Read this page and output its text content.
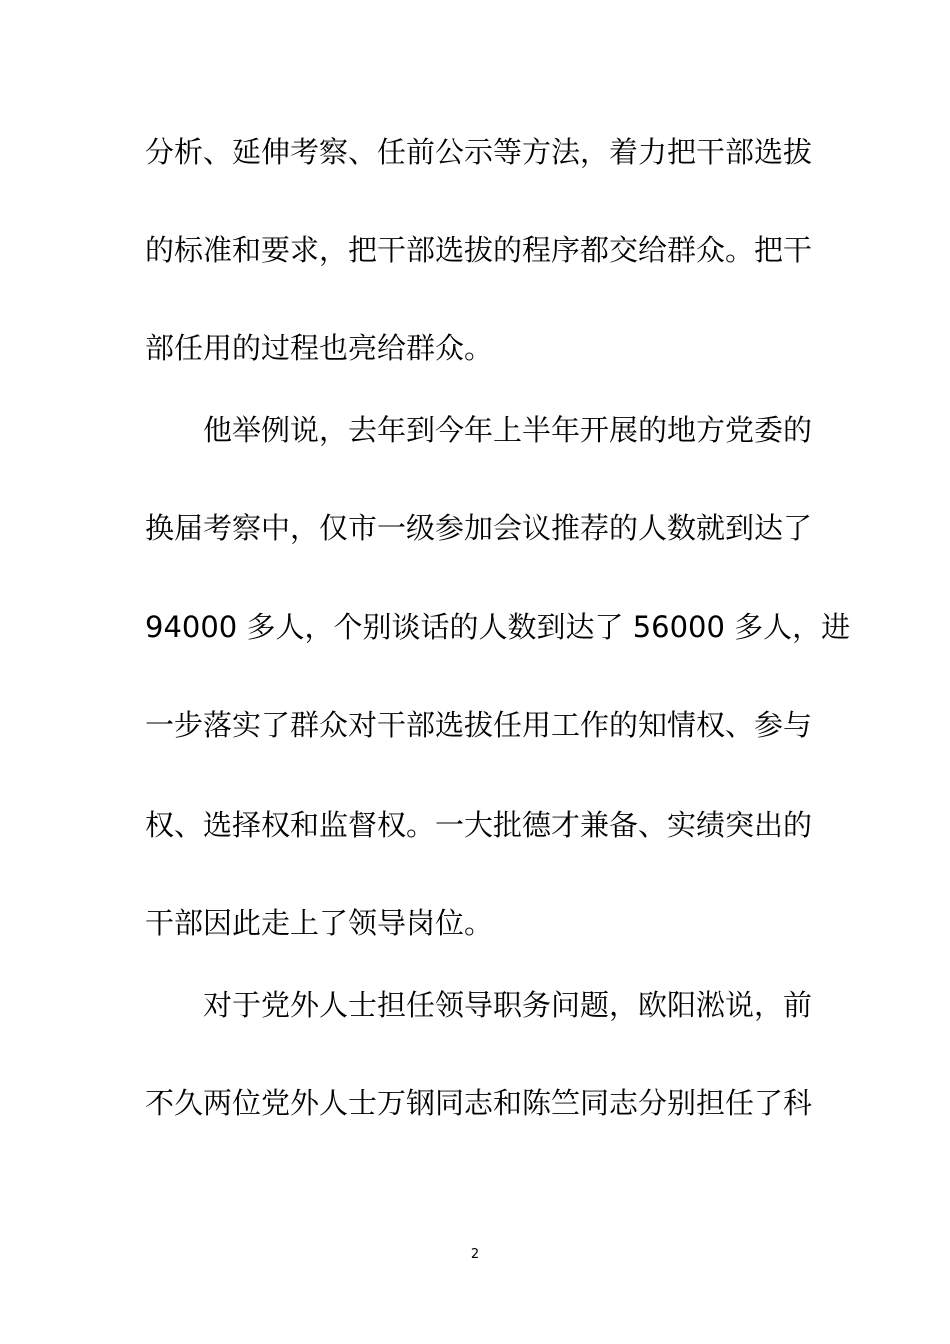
分析、延伸考察、任前公示等方法，着力把干部选拔
的标准和要求，把干部选拔的程序都交给群众。把干
部任用的过程也亮给群众。
他举例说，去年到今年上半年开展的地方党委的
换届考察中，仅市一级参加会议推荐的人数就到达了
94000 多人，个别谈话的人数到达了 56000 多人，进
一步落实了群众对干部选拔任用工作的知情权、参与
权、选择权和监督权。一大批德才兼备、实绩突出的
干部因此走上了领导岗位。
对于党外人士担任领导职务问题，欧阳淞说，前
不久两位党外人士万钢同志和陈竺同志分别担任了科
2
